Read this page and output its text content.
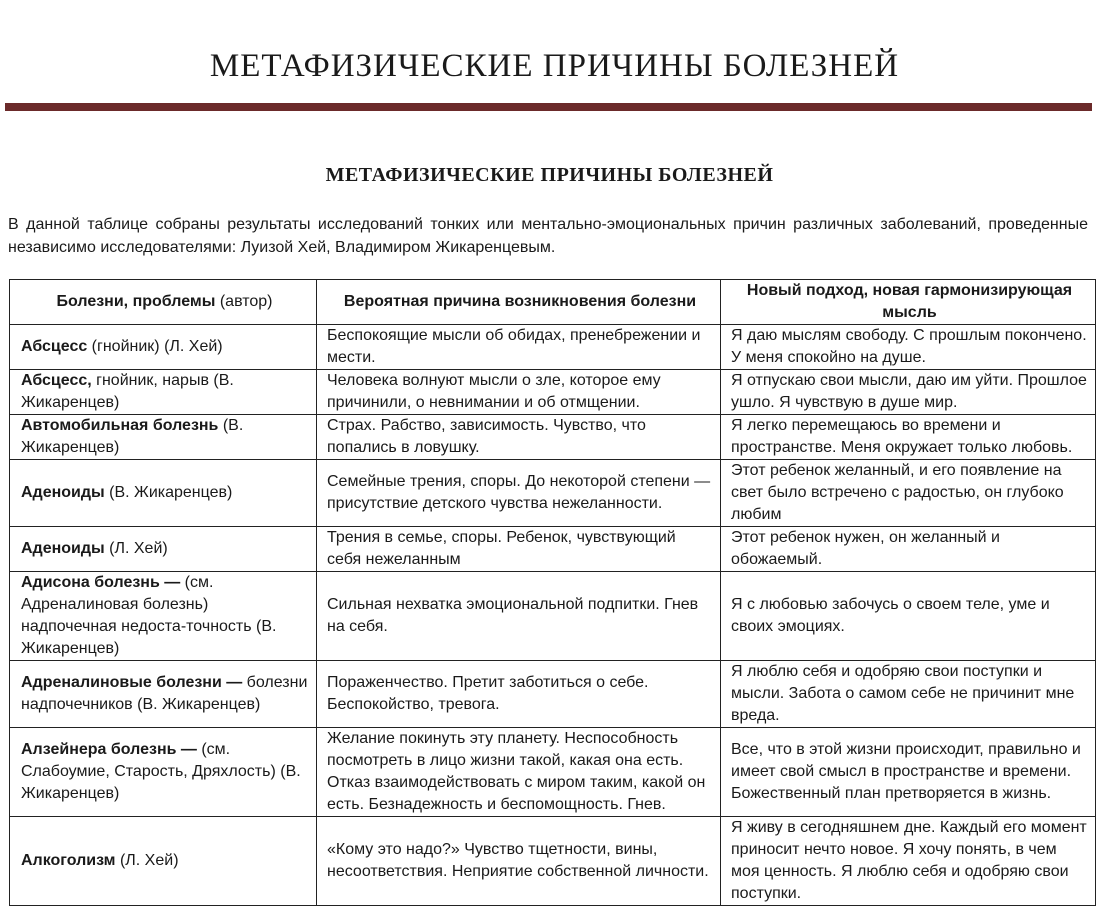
МЕТАФИЗИЧЕСКИЕ ПРИЧИНЫ БОЛЕЗНЕЙ
МЕТАФИЗИЧЕСКИЕ ПРИЧИНЫ БОЛЕЗНЕЙ
В данной таблице собраны результаты исследований тонких или ментально-эмоциональных причин различных заболеваний, проведенные независимо исследователями: Луизой Хей, Владимиром Жикаренцевым.
Болезни, проблемы (автор)	Вероятная причина возникновения болезни	Новый подход, новая гармонизирующая мысль
Абсцесс (гнойник) (Л. Хей)	Беспокоящие мысли об обидах, пренебрежении и мести.	Я даю мыслям свободу. С прошлым покончено. У меня спокойно на душе.
Абсцесс, гнойник, нарыв (В. Жикаренцев)	Человека волнуют мысли о зле, которое ему причинили, о невнимании и об отмщении.	Я отпускаю свои мысли, даю им уйти. Прошлое ушло. Я чувствую в душе мир.
Автомобильная болезнь (В. Жикаренцев)	Страх. Рабство, зависимость. Чувство, что попались в ловушку.	Я легко перемещаюсь во времени и пространстве. Меня окружает только любовь.
Аденоиды (В. Жикаренцев)	Семейные трения, споры. До некоторой степени — присутствие детского чувства нежеланности.	Этот ребенок желанный, и его появление на свет было встречено с радостью, он глубоко любим
Аденоиды (Л. Хей)	Трения в семье, споры. Ребенок, чувствующий себя нежеланным	Этот ребенок нужен, он желанный и обожаемый.
Адисона болезнь — (см. Адреналиновая болезнь) надпочечная недоста-точность (В. Жикаренцев)	Сильная нехватка эмоциональной подпитки. Гнев на себя.	Я с любовью забочусь о своем теле, уме и своих эмоциях.
Адреналиновые болезни — болезни надпочечников (В. Жикаренцев)	Пораженчество. Претит заботиться о себе. Беспокойство, тревога.	Я люблю себя и одобряю свои поступки и мысли. Забота о самом себе не причинит мне вреда.
Алзейнера болезнь — (см. Слабоумие, Старость, Дряхлость) (В. Жикаренцев)	Желание покинуть эту планету. Неспособность посмотреть в лицо жизни такой, какая она есть. Отказ взаимодействовать с миром таким, какой он есть. Безнадежность и беспомощность. Гнев.	Все, что в этой жизни происходит, правильно и имеет свой смысл в пространстве и времени. Божественный план претворяется в жизнь.
Алкоголизм (Л. Хей)	«Кому это надо?» Чувство тщетности, вины, несоответствия. Неприятие собственной личности.	Я живу в сегодняшнем дне. Каждый его момент приносит нечто новое. Я хочу понять, в чем моя ценность. Я люблю себя и одобряю свои поступки.
